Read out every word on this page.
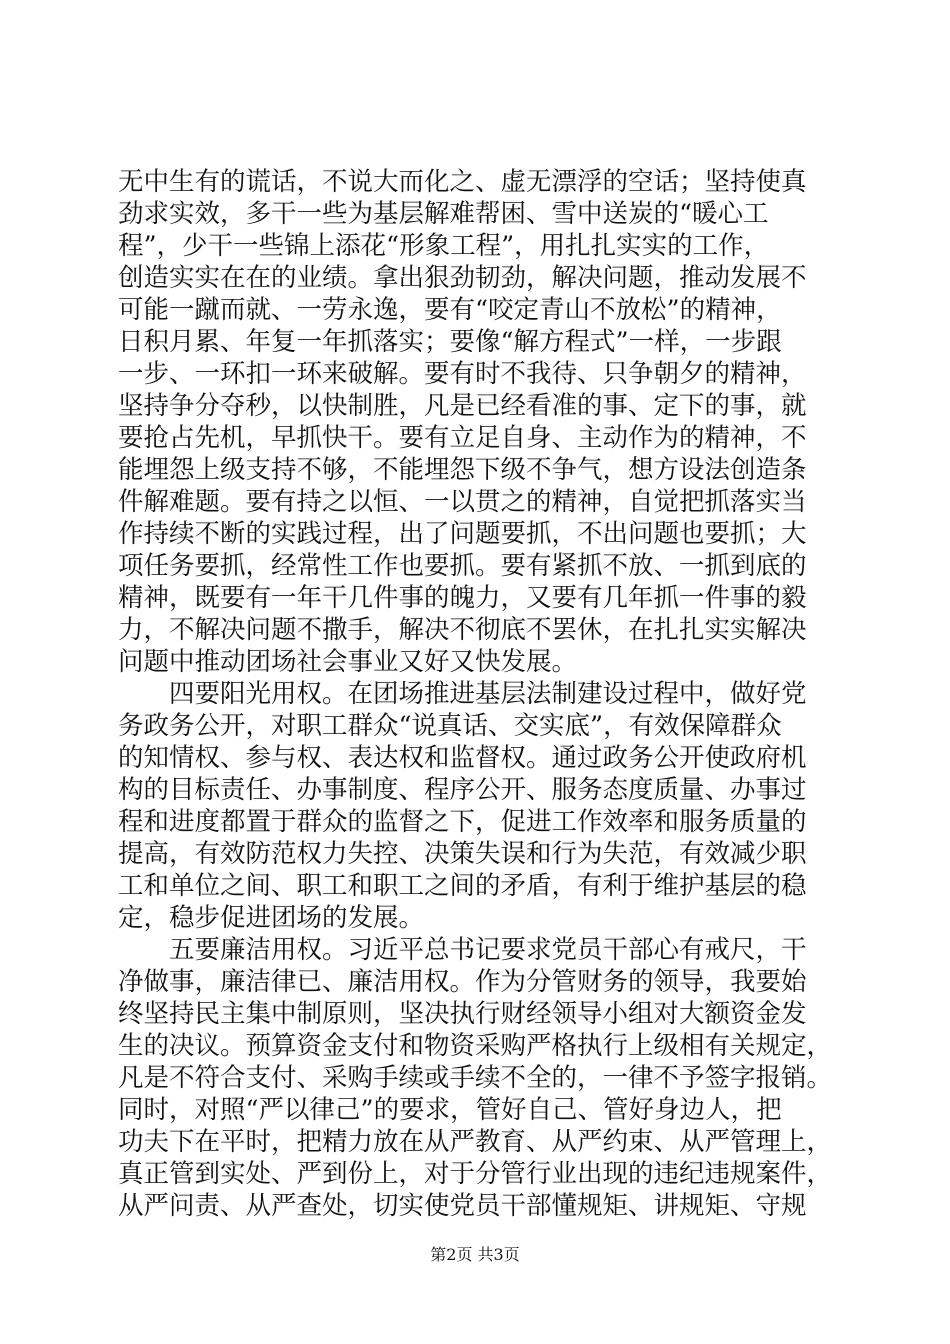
无中生有的谎话，不说大而化之、虚无漂浮的空话；坚持使真
劲求实效，多干一些为基层解难帮困、雪中送炭的“暖心工
程”，少干一些锦上添花“形象工程”，用扎扎实实的工作，
创造实实在在的业绩。拿出狠劲韧劲，解决问题，推动发展不
可能一蹴而就、一劳永逸，要有“咬定青山不放松”的精神，
日积月累、年复一年抓落实；要像“解方程式”一样，一步跟
一步、一环扣一环来破解。要有时不我待、只争朝夕的精神，
坚持争分夺秒，以快制胜，凡是已经看准的事、定下的事，就
要抢占先机，早抓快干。要有立足自身、主动作为的精神，不
能埋怨上级支持不够，不能埋怨下级不争气，想方设法创造条
件解难题。要有持之以恒、一以贯之的精神，自觉把抓落实当
作持续不断的实践过程，出了问题要抓，不出问题也要抓；大
项任务要抓，经常性工作也要抓。要有紧抓不放、一抓到底的
精神，既要有一年干几件事的魄力，又要有几年抓一件事的毅
力，不解决问题不撒手，解决不彻底不罢休，在扎扎实实解决
问题中推动团场社会事业又好又快发展。
　　四要阳光用权。在团场推进基层法制建设过程中，做好党
务政务公开，对职工群众“说真话、交实底”，有效保障群众
的知情权、参与权、表达权和监督权。通过政务公开使政府机
构的目标责任、办事制度、程序公开、服务态度质量、办事过
程和进度都置于群众的监督之下，促进工作效率和服务质量的
提高，有效防范权力失控、决策失误和行为失范，有效减少职
工和单位之间、职工和职工之间的矛盾，有利于维护基层的稳
定，稳步促进团场的发展。
　　五要廉洁用权。习近平总书记要求党员干部心有戒尺，干
净做事，廉洁律已、廉洁用权。作为分管财务的领导，我要始
终坚持民主集中制原则，坚决执行财经领导小组对大额资金发
生的决议。预算资金支付和物资采购严格执行上级相有关规定，
凡是不符合支付、采购手续或手续不全的，一律不予签字报销。
同时，对照“严以律己”的要求，管好自己、管好身边人，把
功夫下在平时，把精力放在从严教育、从严约束、从严管理上，
真正管到实处、严到份上，对于分管行业出现的违纪违规案件，
从严问责、从严查处，切实使党员干部懂规矩、讲规矩、守规
第2页 共3页
